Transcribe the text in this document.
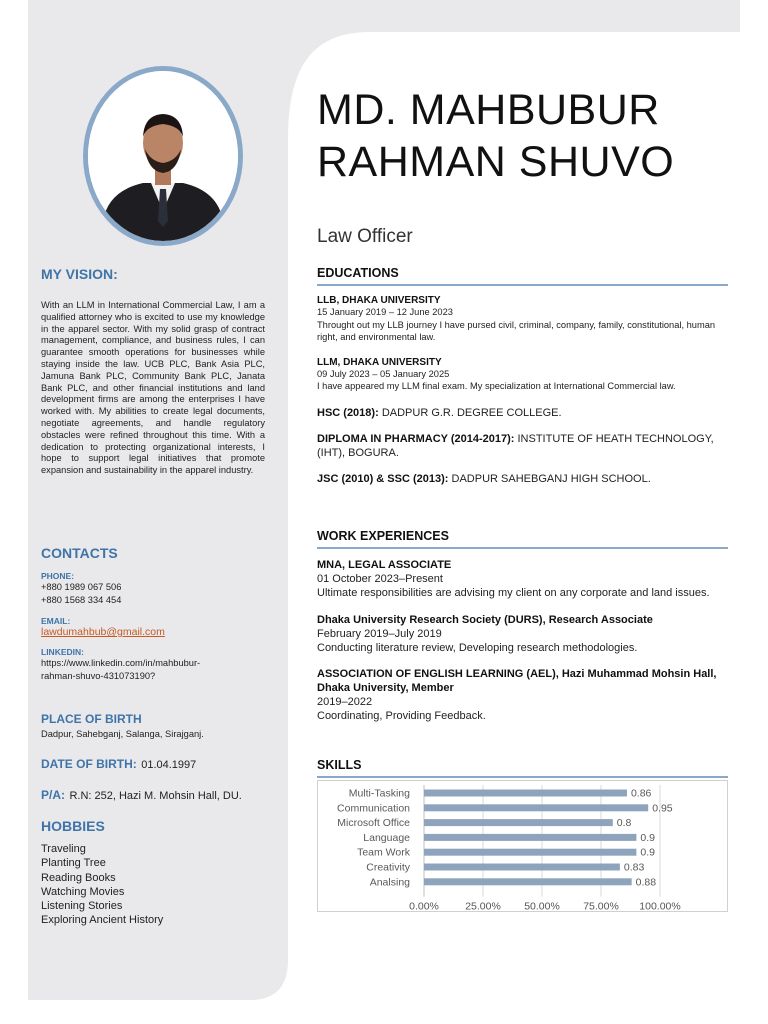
MY VISION:
With an LLM in International Commercial Law, I am a qualified attorney who is excited to use my knowledge in the apparel sector. With my solid grasp of contract management, compliance, and business rules, I can guarantee smooth operations for businesses while staying inside the law. UCB PLC, Bank Asia PLC, Jamuna Bank PLC, Community Bank PLC, Janata Bank PLC, and other financial institutions and land development firms are among the enterprises I have worked with. My abilities to create legal documents, negotiate agreements, and handle regulatory obstacles were refined throughout this time. With a dedication to protecting organizational interests, I hope to support legal initiatives that promote expansion and sustainability in the apparel industry.
CONTACTS
PHONE:
+880 1989 067 506
+880 1568 334 454
EMAIL:
lawdumahbub@gmail.com
LINKEDIN:
https://www.linkedin.com/in/mahbubur-
rahman-shuvo-431073190?
PLACE OF BIRTH
Dadpur, Sahebganj, Salanga, Sirajganj.
DATE OF BIRTH: 01.04.1997
P/A: R.N: 252, Hazi M. Mohsin Hall, DU.
HOBBIES
Traveling
Planting Tree
Reading Books
Watching Movies
Listening Stories
Exploring Ancient History
MD. MAHBUBUR
RAHMAN SHUVO
Law Officer
EDUCATIONS
LLB, DHAKA UNIVERSITY
15 January 2019 – 12 June 2023
Throught out my LLB journey I have pursed civil, criminal, company, family, constitutional, human right, and environmental law.
LLM, DHAKA UNIVERSITY
09 July 2023 – 05 January 2025
I have appeared my LLM final exam. My specialization at International Commercial law.
HSC (2018): DADPUR G.R. DEGREE COLLEGE.
DIPLOMA IN PHARMACY (2014-2017): INSTITUTE OF HEATH TECHNOLOGY, (IHT), BOGURA.
JSC (2010) & SSC (2013): DADPUR SAHEBGANJ HIGH SCHOOL.
WORK EXPERIENCES
MNA, LEGAL ASSOCIATE
01 October 2023–Present
Ultimate responsibilities are advising my client on any corporate and land issues.
Dhaka University Research Society (DURS), Research Associate
February 2019–July 2019
Conducting literature review, Developing research methodologies.
ASSOCIATION OF ENGLISH LEARNING (AEL), Hazi Muhammad Mohsin Hall, Dhaka University, Member
2019–2022
Coordinating, Providing Feedback.
SKILLS
0.00%	25.00% 50.00% 75.00% 100.00%
Multi-Tasking	0.86
Communication	0.95
Microsoft Office	0.8
Language	0.9
Team Work	0.9
Creativity	0.83
Analsing	0.88
